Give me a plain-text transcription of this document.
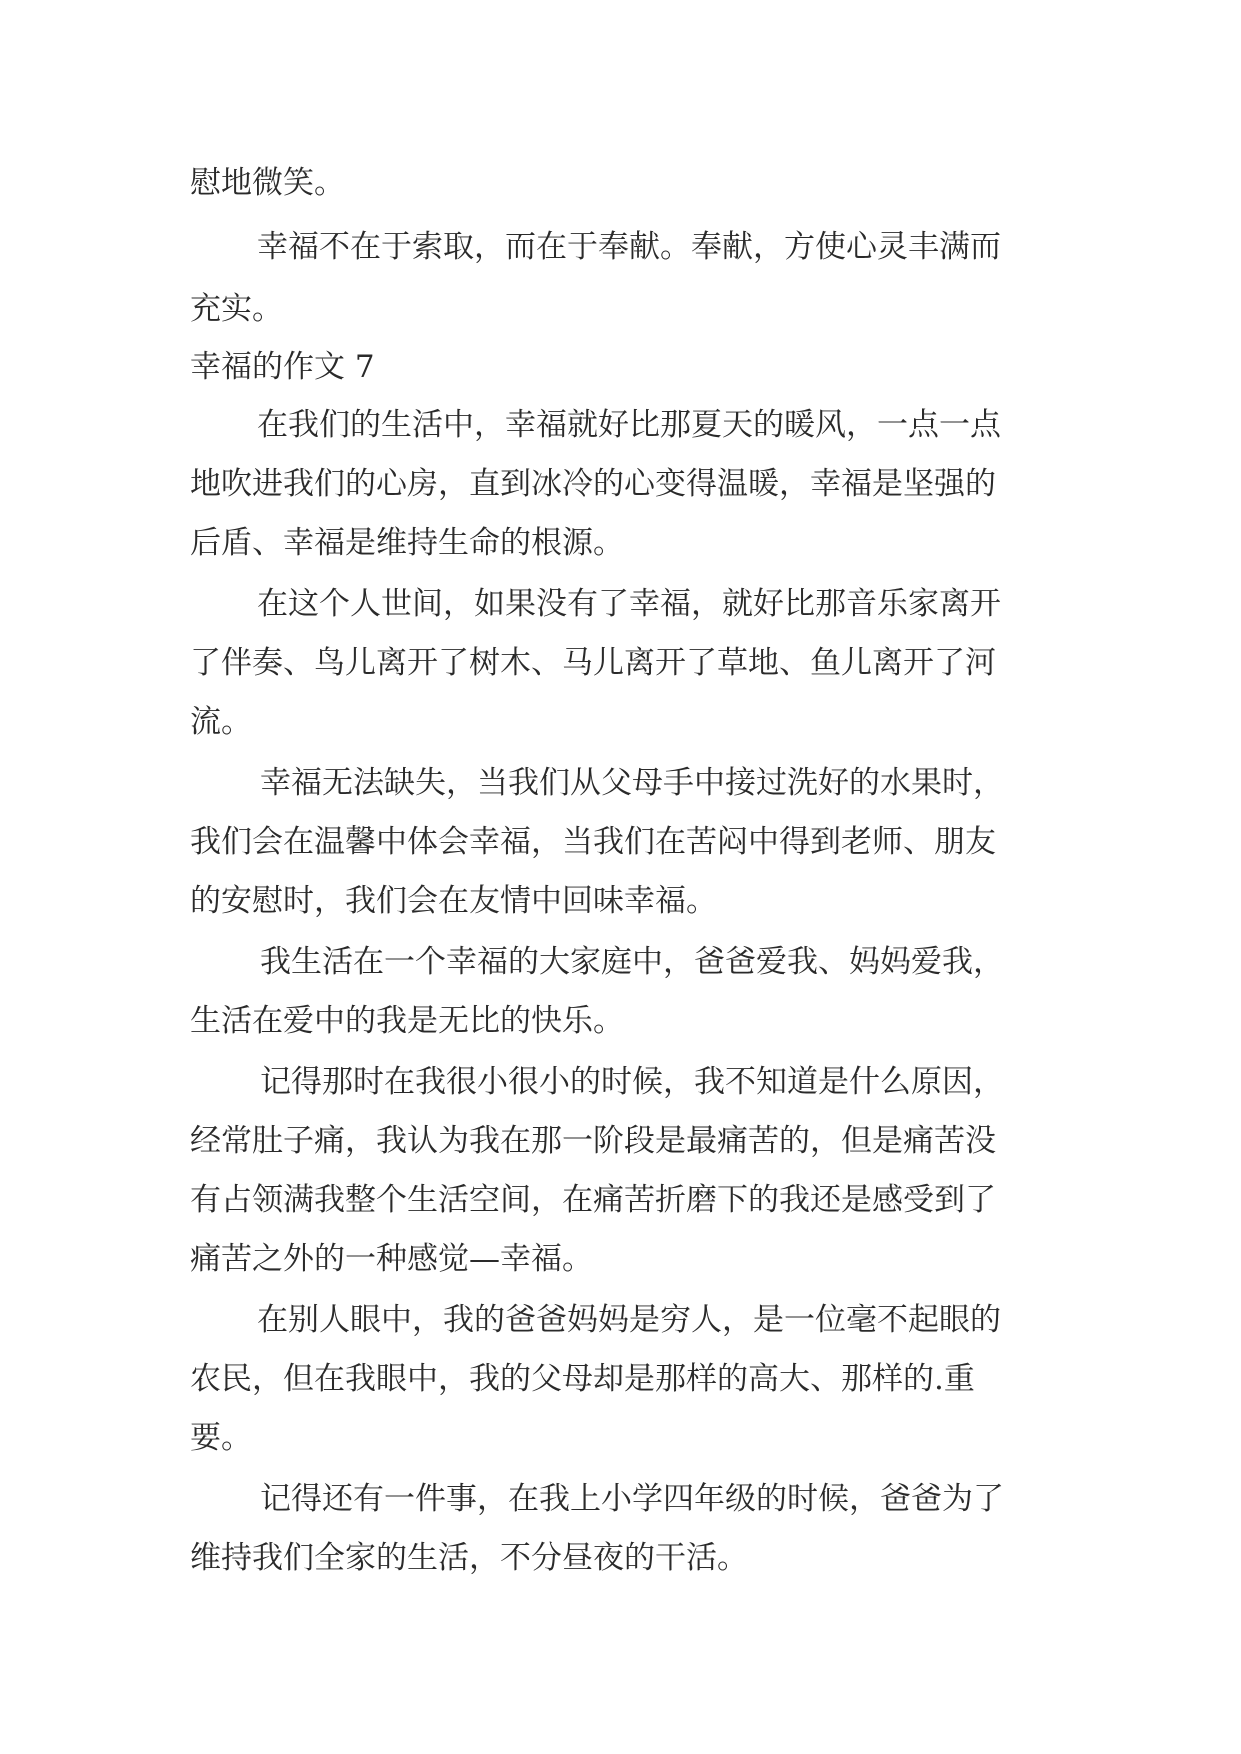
慰地微笑。

幸福不在于索取，而在于奉献。奉献，方使心灵丰满而

充实。

幸福的作文 7

在我们的生活中，幸福就好比那夏天的暖风，一点一点

地吹进我们的心房，直到冰冷的心变得温暖，幸福是坚强的

后盾、幸福是维持生命的根源。

在这个人世间，如果没有了幸福，就好比那音乐家离开

了伴奏、鸟儿离开了树木、马儿离开了草地、鱼儿离开了河

流。

幸福无法缺失，当我们从父母手中接过洗好的水果时，

我们会在温馨中体会幸福，当我们在苦闷中得到老师、朋友

的安慰时，我们会在友情中回味幸福。

我生活在一个幸福的大家庭中，爸爸爱我、妈妈爱我，

生活在爱中的我是无比的快乐。

记得那时在我很小很小的时候，我不知道是什么原因，

经常肚子痛，我认为我在那一阶段是最痛苦的，但是痛苦没

有占领满我整个生活空间，在痛苦折磨下的我还是感受到了

痛苦之外的一种感觉—幸福。

在别人眼中，我的爸爸妈妈是穷人，是一位毫不起眼的

农民，但在我眼中，我的父母却是那样的高大、那样的.重

要。

记得还有一件事，在我上小学四年级的时候，爸爸为了

维持我们全家的生活，不分昼夜的干活。
